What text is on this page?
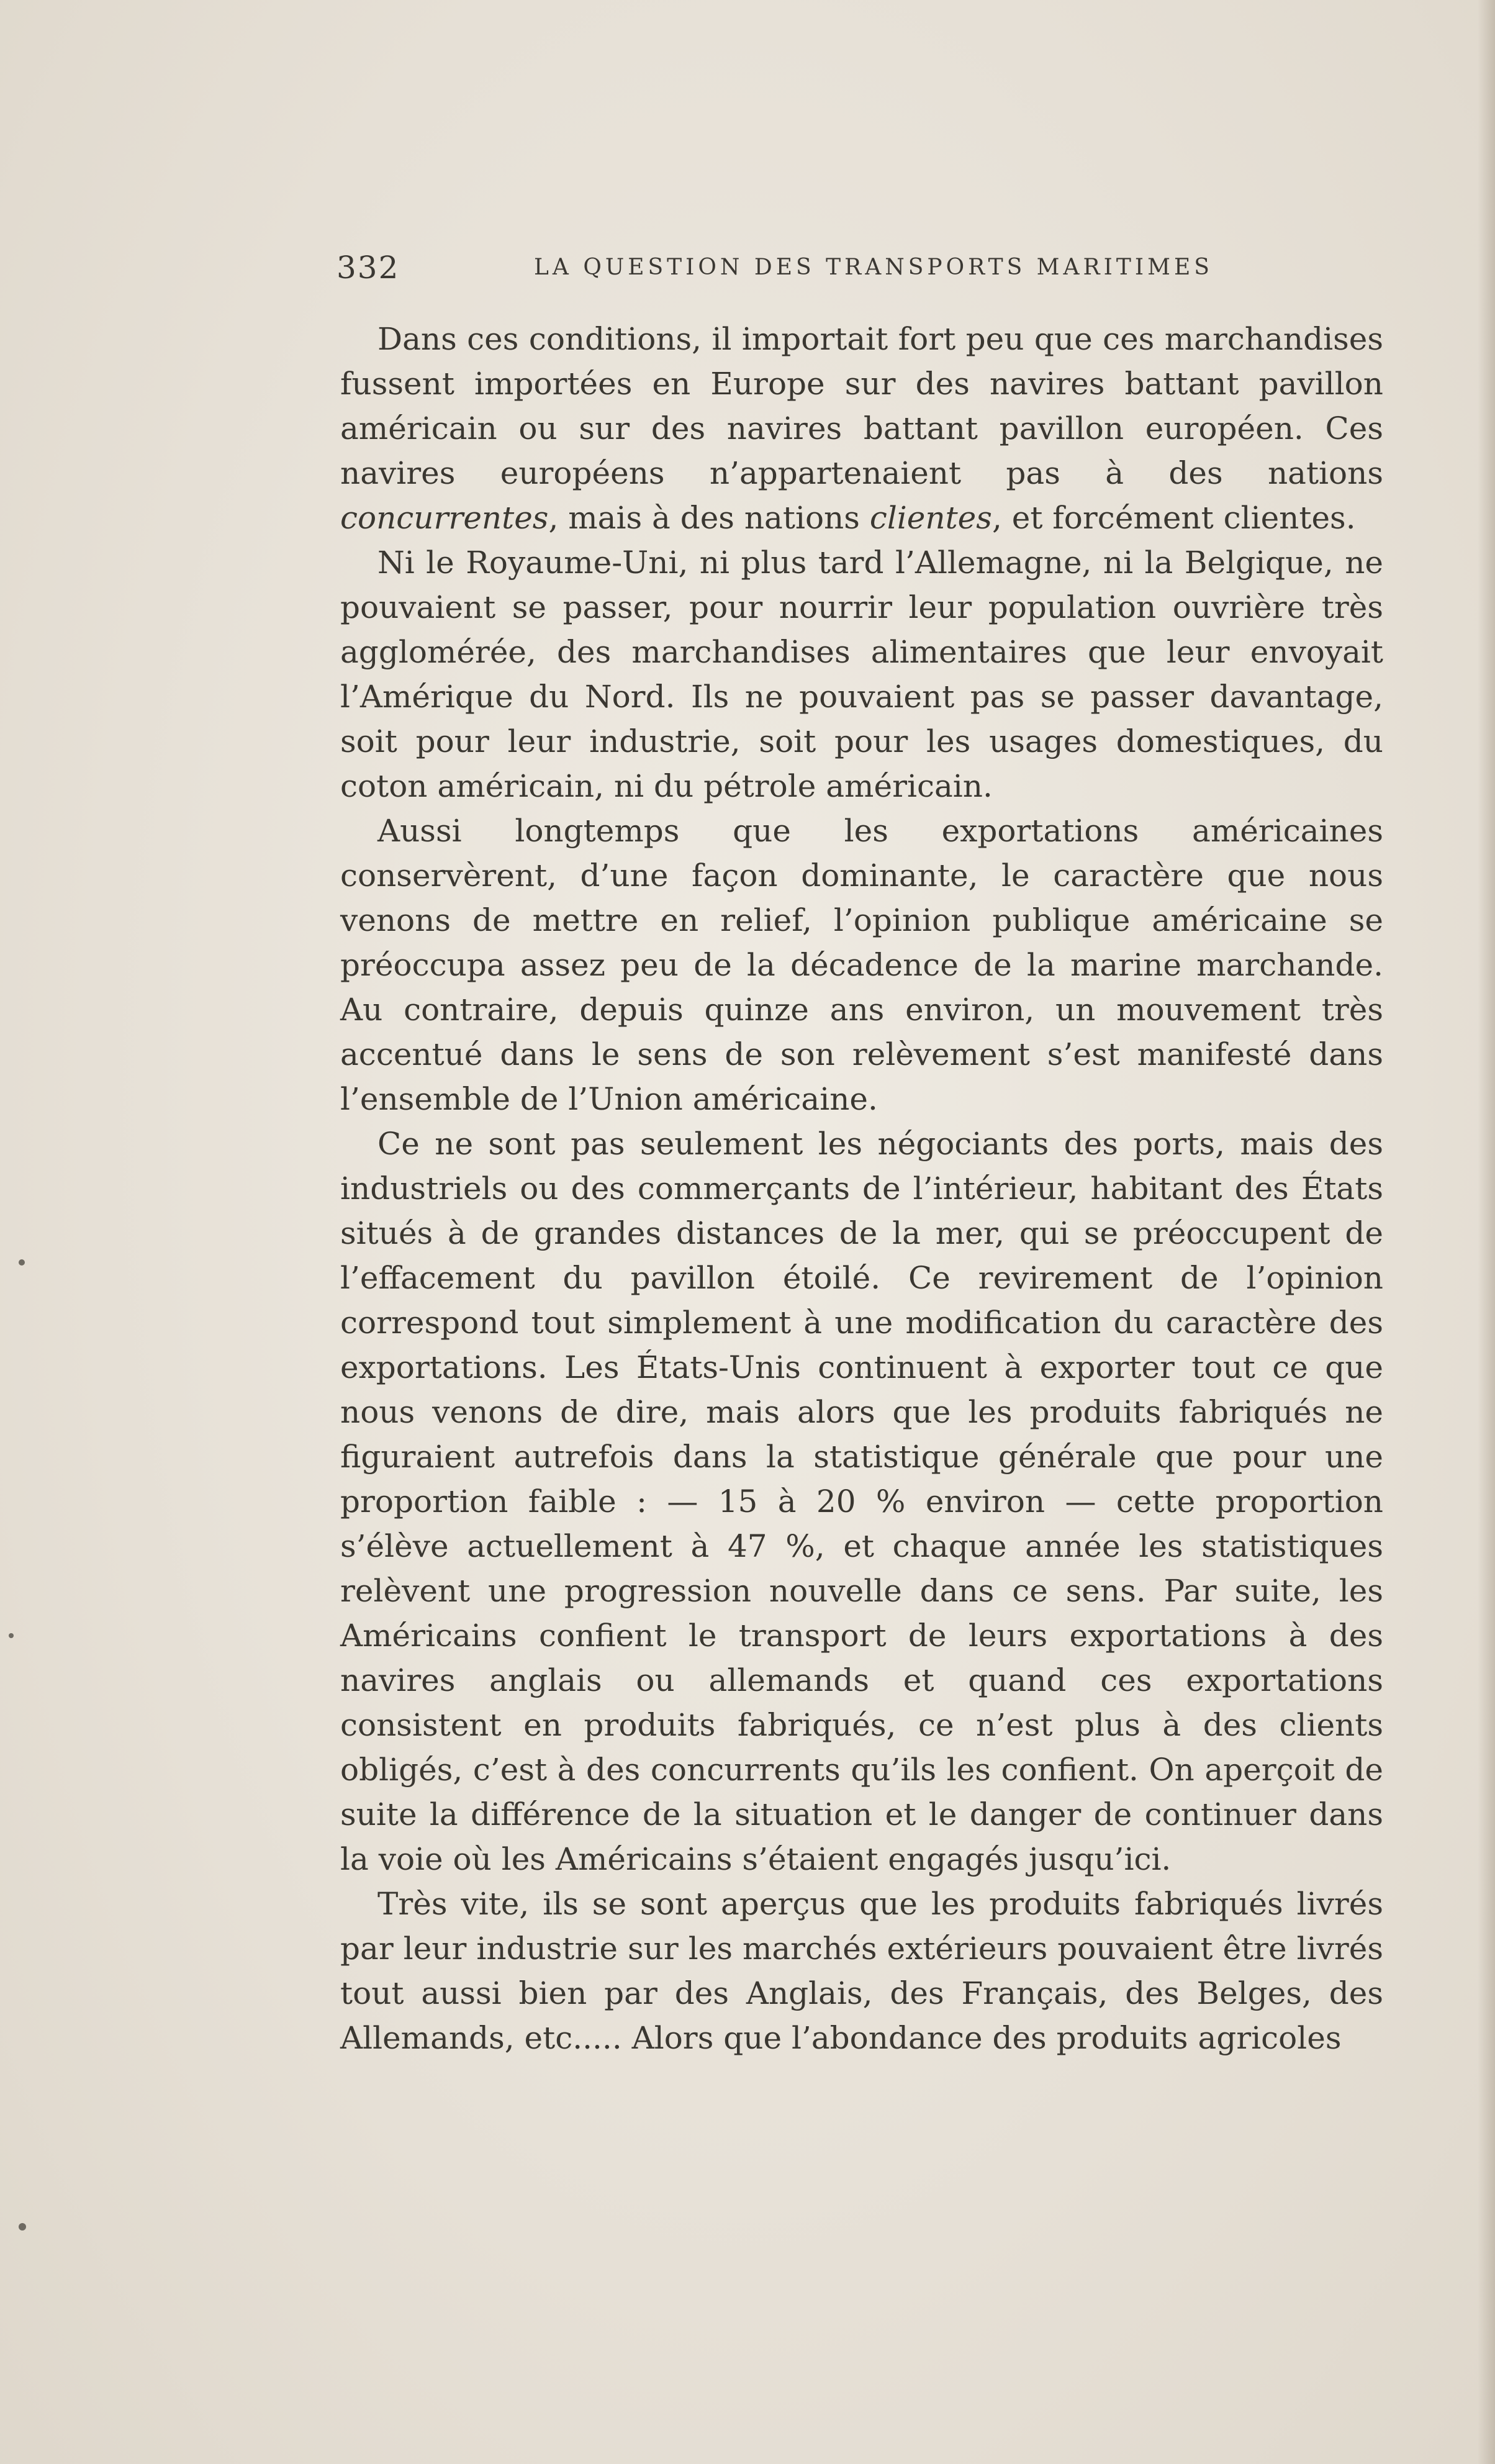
332	LA QUESTION DES TRANSPORTS MARITIMES

Dans ces conditions, il importait fort peu que ces marchandises fussent importées en Europe sur des navires battant pavillon américain ou sur des navires battant pavillon européen. Ces navires européens n’appartenaient pas à des nations concurrentes, mais à des nations clientes, et forcément clientes.

Ni le Royaume-Uni, ni plus tard l’Allemagne, ni la Belgique, ne pouvaient se passer, pour nourrir leur population ouvrière très agglomérée, des marchandises alimentaires que leur envoyait l’Amérique du Nord. Ils ne pouvaient pas se passer davantage, soit pour leur industrie, soit pour les usages domestiques, du coton américain, ni du pétrole américain.

Aussi longtemps que les exportations américaines conservèrent, d’une façon dominante, le caractère que nous venons de mettre en relief, l’opinion publique américaine se préoccupa assez peu de la décadence de la marine marchande. Au contraire, depuis quinze ans environ, un mouvement très accentué dans le sens de son relèvement s’est manifesté dans l’ensemble de l’Union américaine.

Ce ne sont pas seulement les négociants des ports, mais des industriels ou des commerçants de l’intérieur, habitant des États situés à de grandes distances de la mer, qui se préoccupent de l’effacement du pavillon étoilé. Ce revirement de l’opinion correspond tout simplement à une modification du caractère des exportations. Les États-Unis continuent à exporter tout ce que nous venons de dire, mais alors que les produits fabriqués ne figuraient autrefois dans la statistique générale que pour une proportion faible : — 15 à 20 % environ — cette proportion s’élève actuellement à 47 %, et chaque année les statistiques relèvent une progression nouvelle dans ce sens. Par suite, les Américains confient le transport de leurs exportations à des navires anglais ou allemands et quand ces exportations consistent en produits fabriqués, ce n’est plus à des clients obligés, c’est à des concurrents qu’ils les confient. On aperçoit de suite la différence de la situation et le danger de continuer dans la voie où les Américains s’étaient engagés jusqu’ici.

Très vite, ils se sont aperçus que les produits fabriqués livrés par leur industrie sur les marchés extérieurs pouvaient être livrés tout aussi bien par des Anglais, des Français, des Belges, des Allemands, etc..... Alors que l’abondance des produits agricoles
